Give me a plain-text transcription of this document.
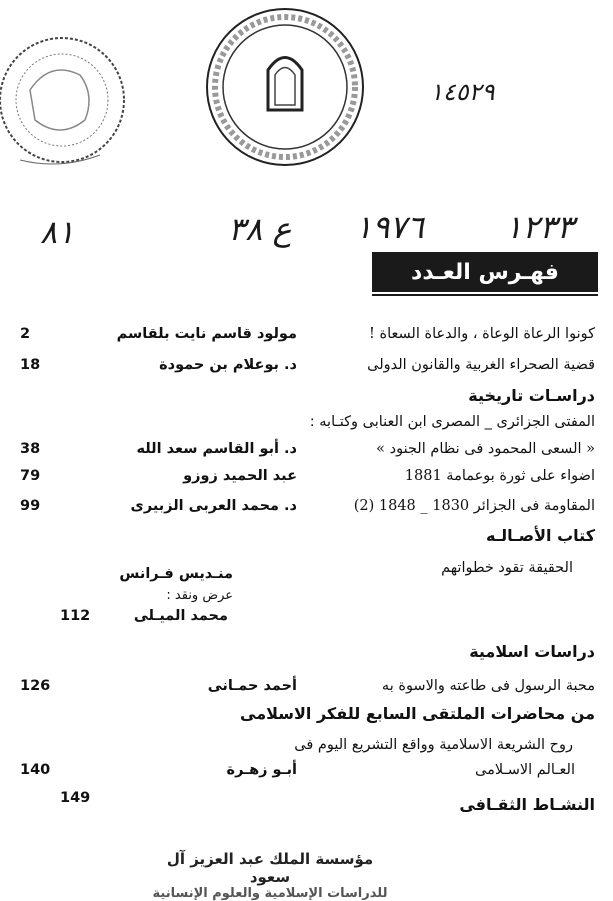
١٤٥٢٩
١٢٣٣
١٩٧٦
ع ٣٨
٨١
فهـرس العـدد
كونوا الرعاة الوعاة ، والدعاة السعاة !
مولود قاسم نايت بلقاسم
2
قضية الصحراء الغربية والقانون الدولى
د. بوعلام بن حمودة
18
دراسـات تاريخية
المفتى الجزائرى _ المصرى ابن العنابى وكتـابه :
« السعى المحمود فى نظام الجنود »
د. أبو القاسم سعد الله
38
اضواء على ثورة بوعمامة 1881
عبد الحميد زوزو
79
المقاومة فى الجزائر 1830 _ 1848 (2)
د. محمد العربى الزبيرى
99
كتاب الأصـالـه
الحقيقة تقود خطواتهم
منـديس فـرانس
عرض ونقد :
محمد الميـلى
112
دراسات اسلامية
محبة الرسول فى طاعته والاسوة به
أحمد حمـانى
126
من محاضرات الملتقى السابع للفكر الاسلامى
روح الشريعة الاسلامية وواقع التشريع اليوم فى
العـالم الاسـلامى
أبـو زهـرة
140
النشـاط الثقـافى
149
مؤسسة الملك عبد العزيز آل سعود
للدراسات الإسلامية والعلوم الإنسانية
